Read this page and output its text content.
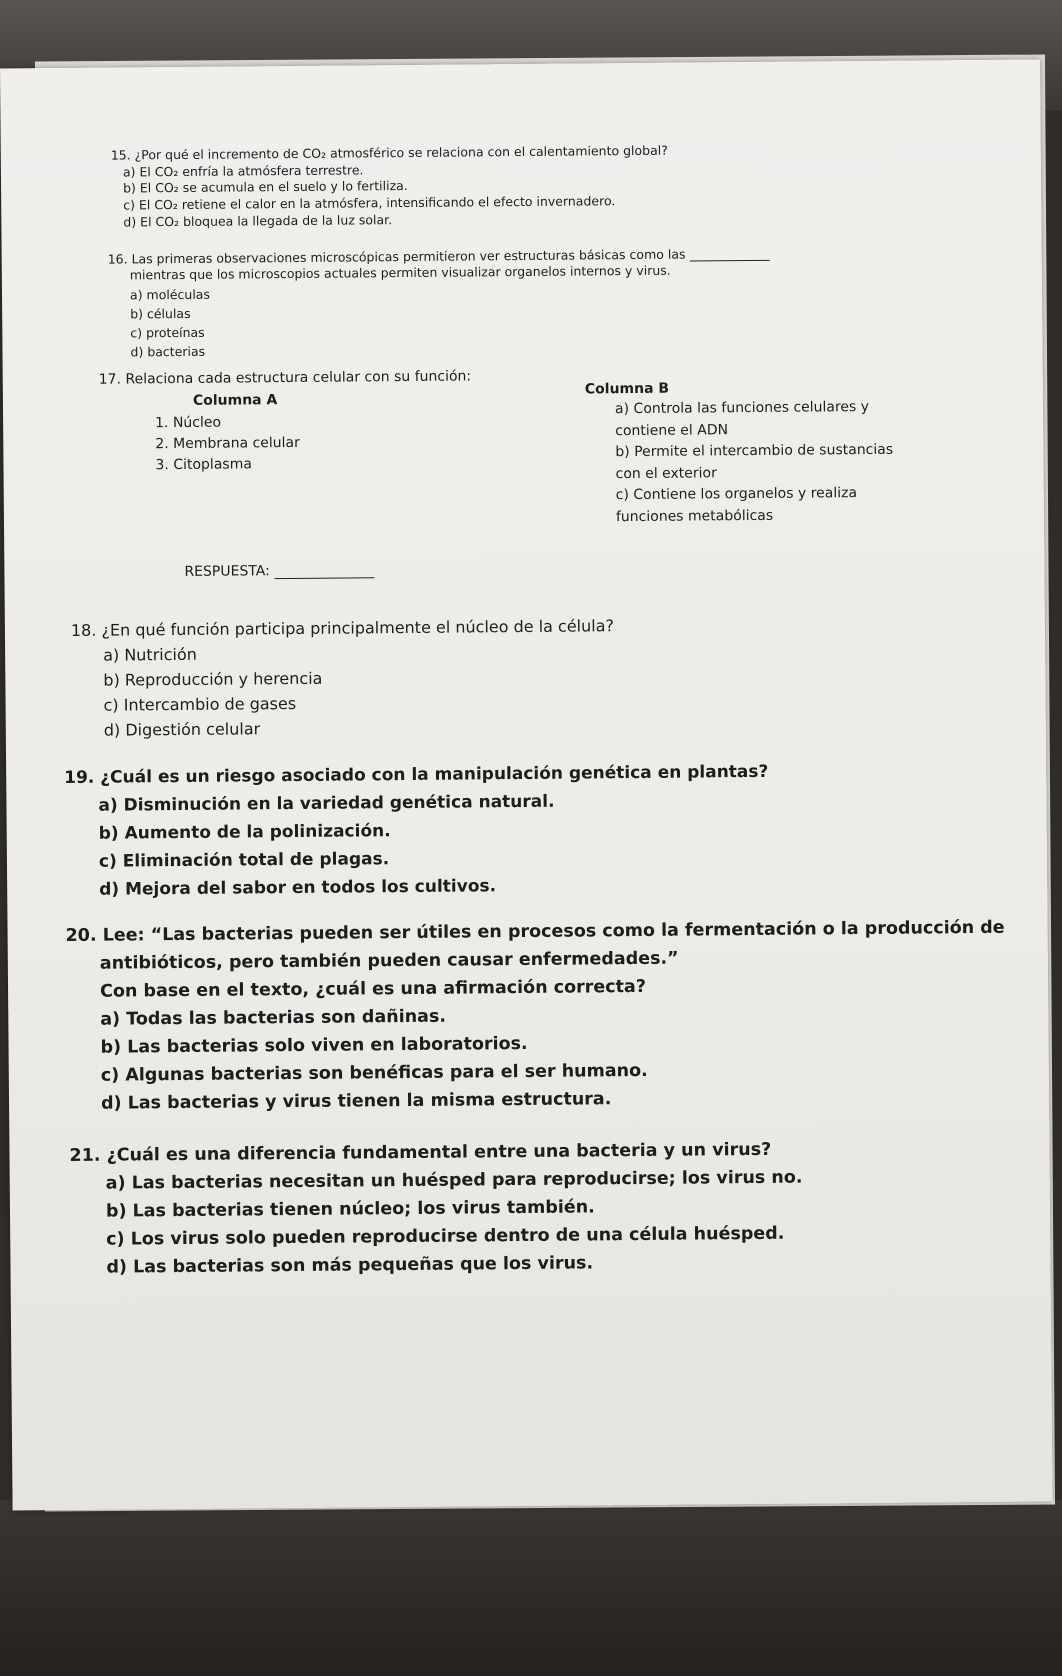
15. ¿Por qué el incremento de CO₂ atmosférico se relaciona con el calentamiento global?
a) El CO₂ enfría la atmósfera terrestre.
b) El CO₂ se acumula en el suelo y lo fertiliza.
c) El CO₂ retiene el calor en la atmósfera, intensificando el efecto invernadero.
d) El CO₂ bloquea la llegada de la luz solar.
16. Las primeras observaciones microscópicas permitieron ver estructuras básicas como las
mientras que los microscopios actuales permiten visualizar organelos internos y virus.
a) moléculas
b) células
c) proteínas
d) bacterias
17. Relaciona cada estructura celular con su función:
Columna A
Columna B
1. Núcleo
2. Membrana celular
3. Citoplasma
a) Controla las funciones celulares y
contiene el ADN
b) Permite el intercambio de sustancias
con el exterior
c) Contiene los organelos y realiza
funciones metabólicas
RESPUESTA:
18. ¿En qué función participa principalmente el núcleo de la célula?
a) Nutrición
b) Reproducción y herencia
c) Intercambio de gases
d) Digestión celular
19. ¿Cuál es un riesgo asociado con la manipulación genética en plantas?
a) Disminución en la variedad genética natural.
b) Aumento de la polinización.
c) Eliminación total de plagas.
d) Mejora del sabor en todos los cultivos.
20. Lee: “Las bacterias pueden ser útiles en procesos como la fermentación o la producción de
antibióticos, pero también pueden causar enfermedades.”
Con base en el texto, ¿cuál es una afirmación correcta?
a) Todas las bacterias son dañinas.
b) Las bacterias solo viven en laboratorios.
c) Algunas bacterias son benéficas para el ser humano.
d) Las bacterias y virus tienen la misma estructura.
21. ¿Cuál es una diferencia fundamental entre una bacteria y un virus?
a) Las bacterias necesitan un huésped para reproducirse; los virus no.
b) Las bacterias tienen núcleo; los virus también.
c) Los virus solo pueden reproducirse dentro de una célula huésped.
d) Las bacterias son más pequeñas que los virus.
